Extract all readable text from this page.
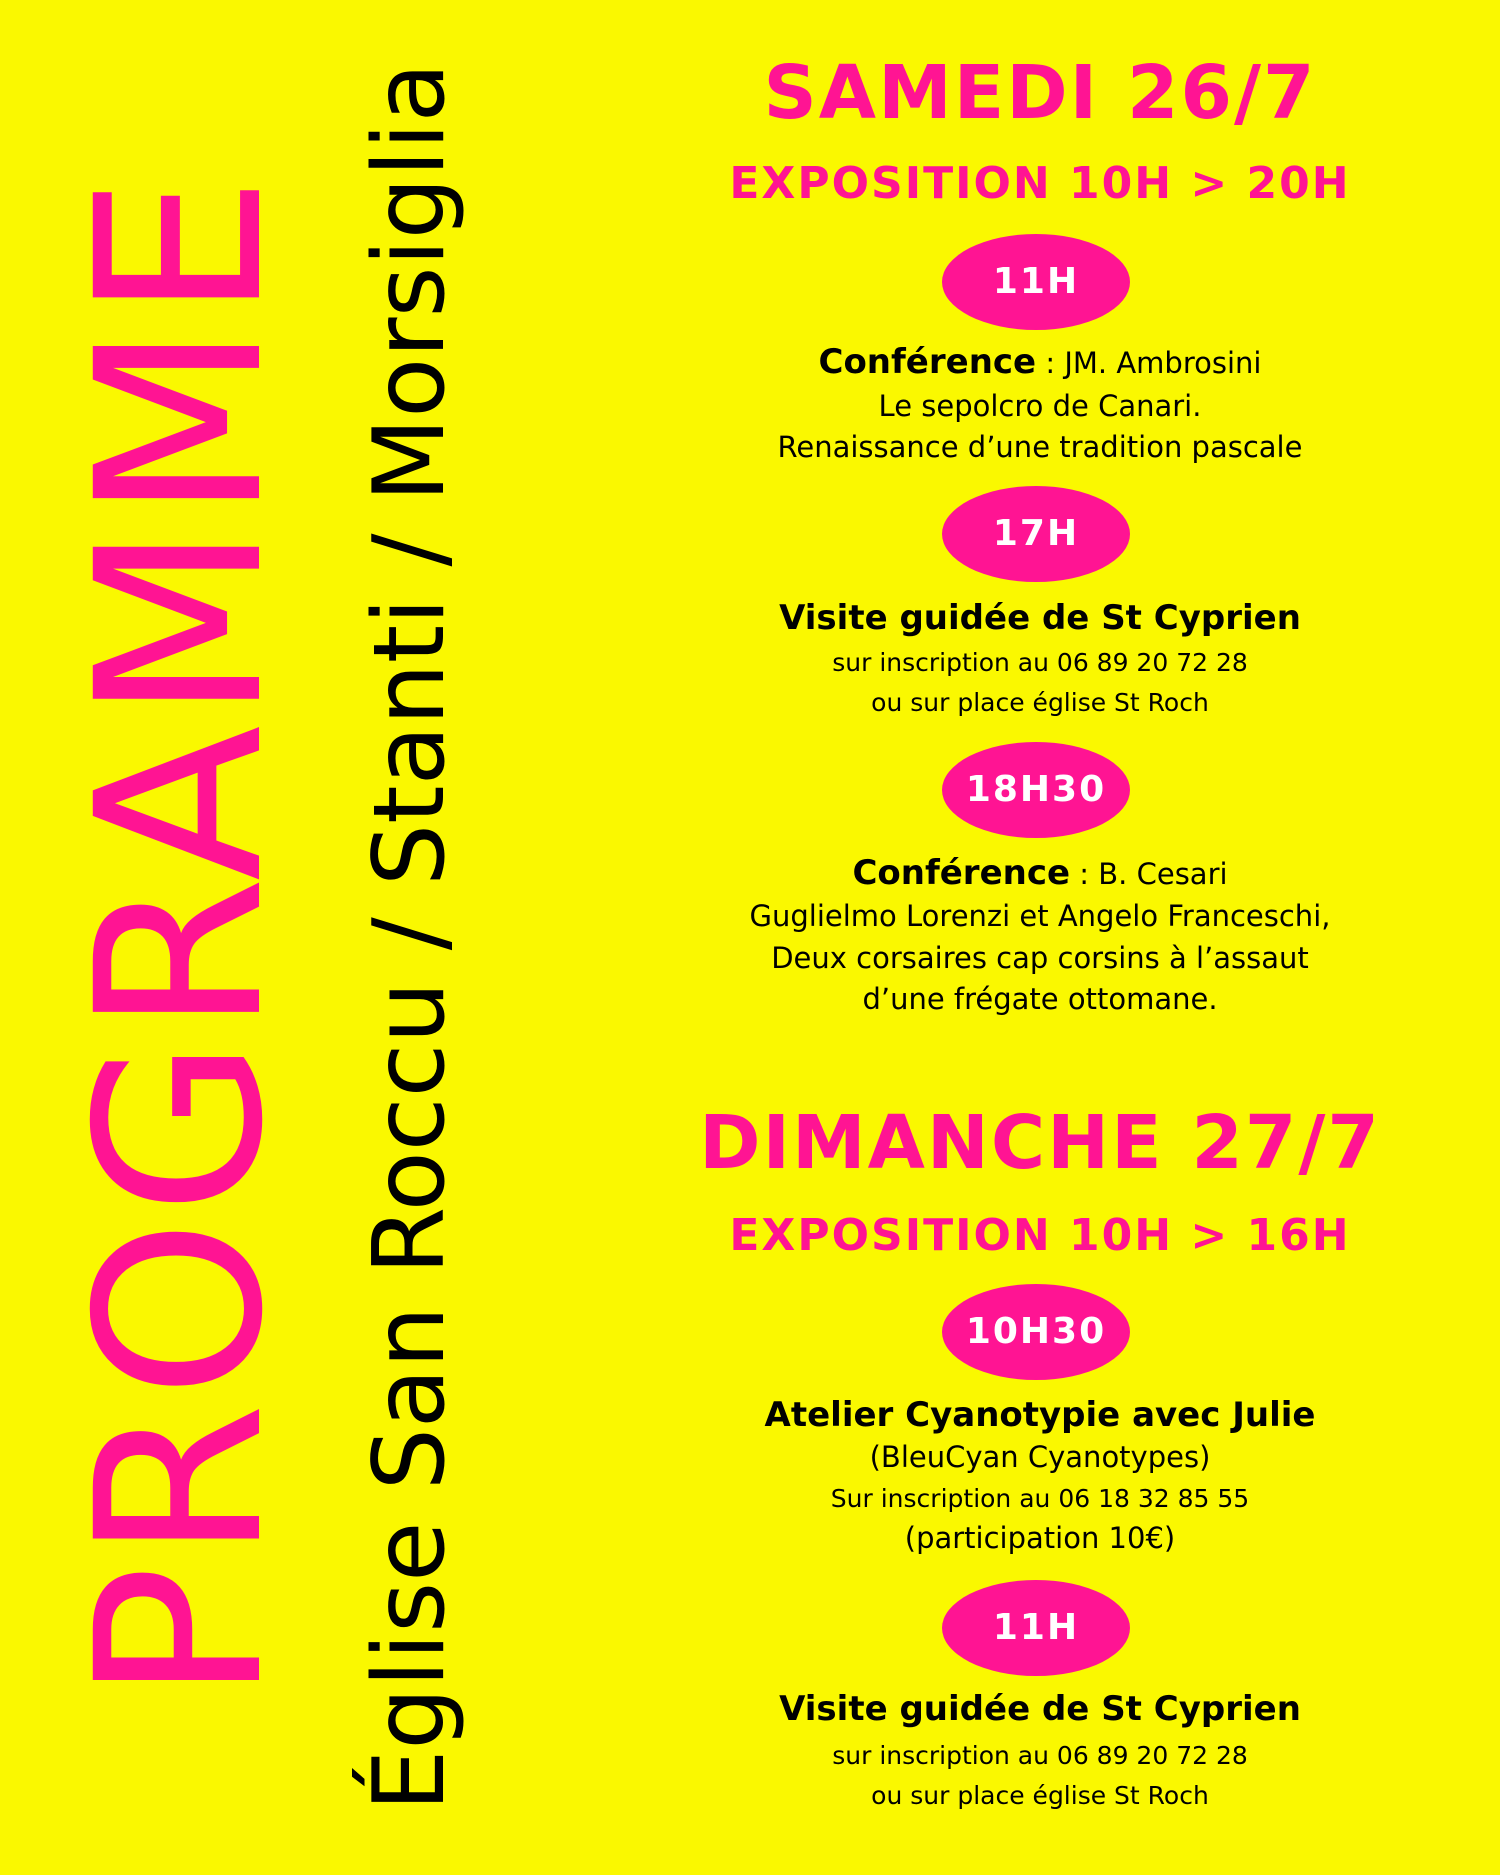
PROGRAMME Église San Roccu / Stanti / Morsiglia	SAMEDI 26/7
EXPOSITION 10H > 20H
11H
Conférence : JM. Ambrosini
Le sepolcro de Canari.
Renaissance d’une tradition pascale
17H
Visite guidée de St Cyprien
sur inscription au 06 89 20 72 28
ou sur place église St Roch
18H30
Conférence : B. Cesari
Guglielmo Lorenzi et Angelo Franceschi,
Deux corsaires cap corsins à l’assaut
d’une frégate ottomane.
DIMANCHE 27/7
EXPOSITION 10H > 16H
10H30
Atelier Cyanotypie avec Julie
(BleuCyan Cyanotypes)
Sur inscription au 06 18 32 85 55
(participation 10€)
11H
Visite guidée de St Cyprien
sur inscription au 06 89 20 72 28
ou sur place église St Roch
